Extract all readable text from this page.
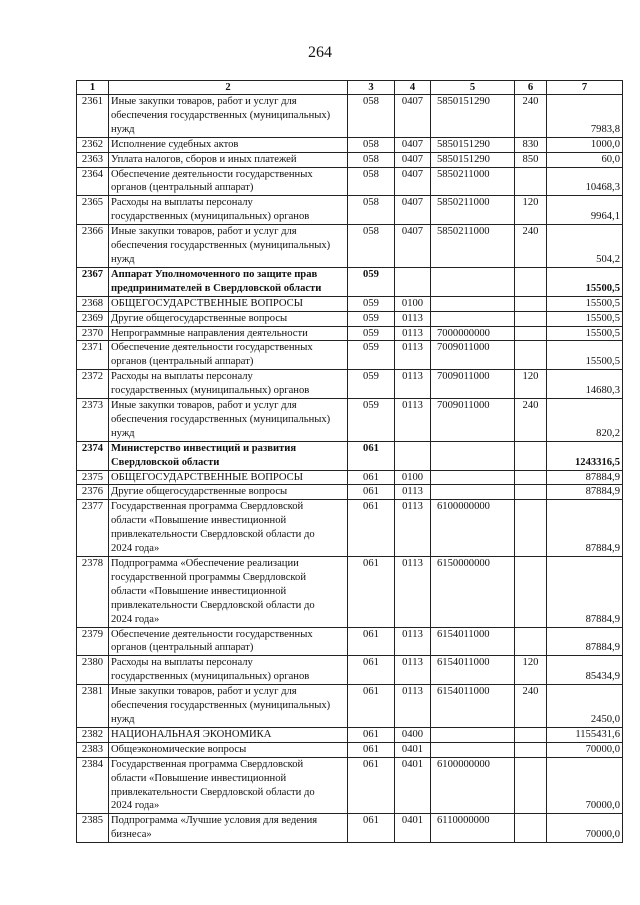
264
1	2	3	4	5	6	7
2361	Иные закупки товаров, работ и услуг для
обеспечения государственных (муниципальных)
нужд	058	0407	5850151290	240	7983,8
2362	Исполнение судебных актов	058	0407	5850151290	830	1000,0
2363	Уплата налогов, сборов и иных платежей	058	0407	5850151290	850	60,0
2364	Обеспечение деятельности государственных
органов (центральный аппарат)	058	0407	5850211000		10468,3
2365	Расходы на выплаты персоналу
государственных (муниципальных) органов	058	0407	5850211000	120	9964,1
2366	Иные закупки товаров, работ и услуг для
обеспечения государственных (муниципальных)
нужд	058	0407	5850211000	240	504,2
2367	Аппарат Уполномоченного по защите прав
предпринимателей в Свердловской области	059				15500,5
2368	ОБЩЕГОСУДАРСТВЕННЫЕ ВОПРОСЫ	059	0100			15500,5
2369	Другие общегосударственные вопросы	059	0113			15500,5
2370	Непрограммные направления деятельности	059	0113	7000000000		15500,5
2371	Обеспечение деятельности государственных
органов (центральный аппарат)	059	0113	7009011000		15500,5
2372	Расходы на выплаты персоналу
государственных (муниципальных) органов	059	0113	7009011000	120	14680,3
2373	Иные закупки товаров, работ и услуг для
обеспечения государственных (муниципальных)
нужд	059	0113	7009011000	240	820,2
2374	Министерство инвестиций и развития
Свердловской области	061				1243316,5
2375	ОБЩЕГОСУДАРСТВЕННЫЕ ВОПРОСЫ	061	0100			87884,9
2376	Другие общегосударственные вопросы	061	0113			87884,9
2377	Государственная программа Свердловской
области «Повышение инвестиционной
привлекательности Свердловской области до
2024 года»	061	0113	6100000000		87884,9
2378	Подпрограмма «Обеспечение реализации
государственной программы Свердловской
области «Повышение инвестиционной
привлекательности Свердловской области до
2024 года»	061	0113	6150000000		87884,9
2379	Обеспечение деятельности государственных
органов (центральный аппарат)	061	0113	6154011000		87884,9
2380	Расходы на выплаты персоналу
государственных (муниципальных) органов	061	0113	6154011000	120	85434,9
2381	Иные закупки товаров, работ и услуг для
обеспечения государственных (муниципальных)
нужд	061	0113	6154011000	240	2450,0
2382	НАЦИОНАЛЬНАЯ ЭКОНОМИКА	061	0400			1155431,6
2383	Общеэкономические вопросы	061	0401			70000,0
2384	Государственная программа Свердловской
области «Повышение инвестиционной
привлекательности Свердловской области до
2024 года»	061	0401	6100000000		70000,0
2385	Подпрограмма «Лучшие условия для ведения
бизнеса»	061	0401	6110000000		70000,0
